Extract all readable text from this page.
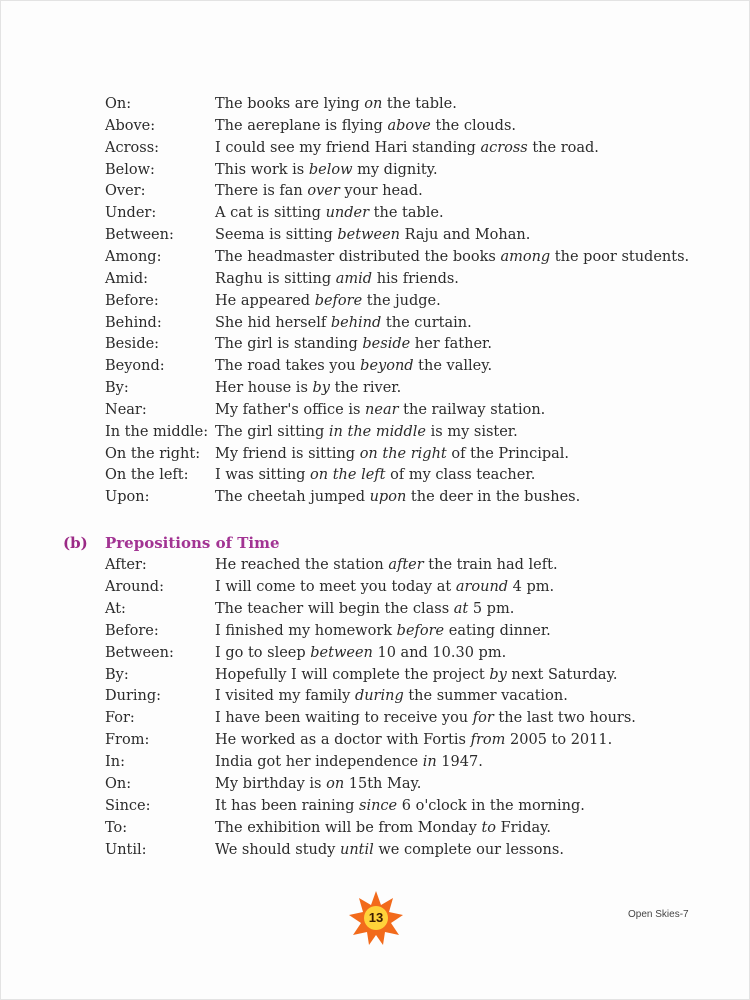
On:	The books are lying on the table.
Above:	The aereplane is flying above the clouds.
Across:	I could see my friend Hari standing across the road.
Below:	This work is below my dignity.
Over:	There is fan over your head.
Under:	A cat is sitting under the table.
Between:	Seema is sitting between Raju and Mohan.
Among:	The headmaster distributed the books among the poor students.
Amid:	Raghu is sitting amid his friends.
Before:	He appeared before the judge.
Behind:	She hid herself behind the curtain.
Beside:	The girl is standing beside her father.
Beyond:	The road takes you beyond the valley.
By:	Her house is by the river.
Near:	My father's office is near the railway station.
In the middle: The girl sitting in the middle is my sister.
On the right: My friend is sitting on the right of the Principal.
On the left: I was sitting on the left of my class teacher.
Upon:	The cheetah jumped upon the deer in the bushes.
(b) Prepositions of Time
After:	He reached the station after the train had left.
Around:	I will come to meet you today at around 4 pm.
At:	The teacher will begin the class at 5 pm.
Before:	I finished my homework before eating dinner.
Between:	I go to sleep between 10 and 10.30 pm.
By:	Hopefully I will complete the project by next Saturday.
During:	I visited my family during the summer vacation.
For:	I have been waiting to receive you for the last two hours.
From:	He worked as a doctor with Fortis from 2005 to 2011.
In:	India got her independence in 1947.
On:	My birthday is on 15th May.
Since:	It has been raining since 6 o'clock in the morning.
To:	The exhibition will be from Monday to Friday.
Until:	We should study until we complete our lessons.
13	Open Skies-7
